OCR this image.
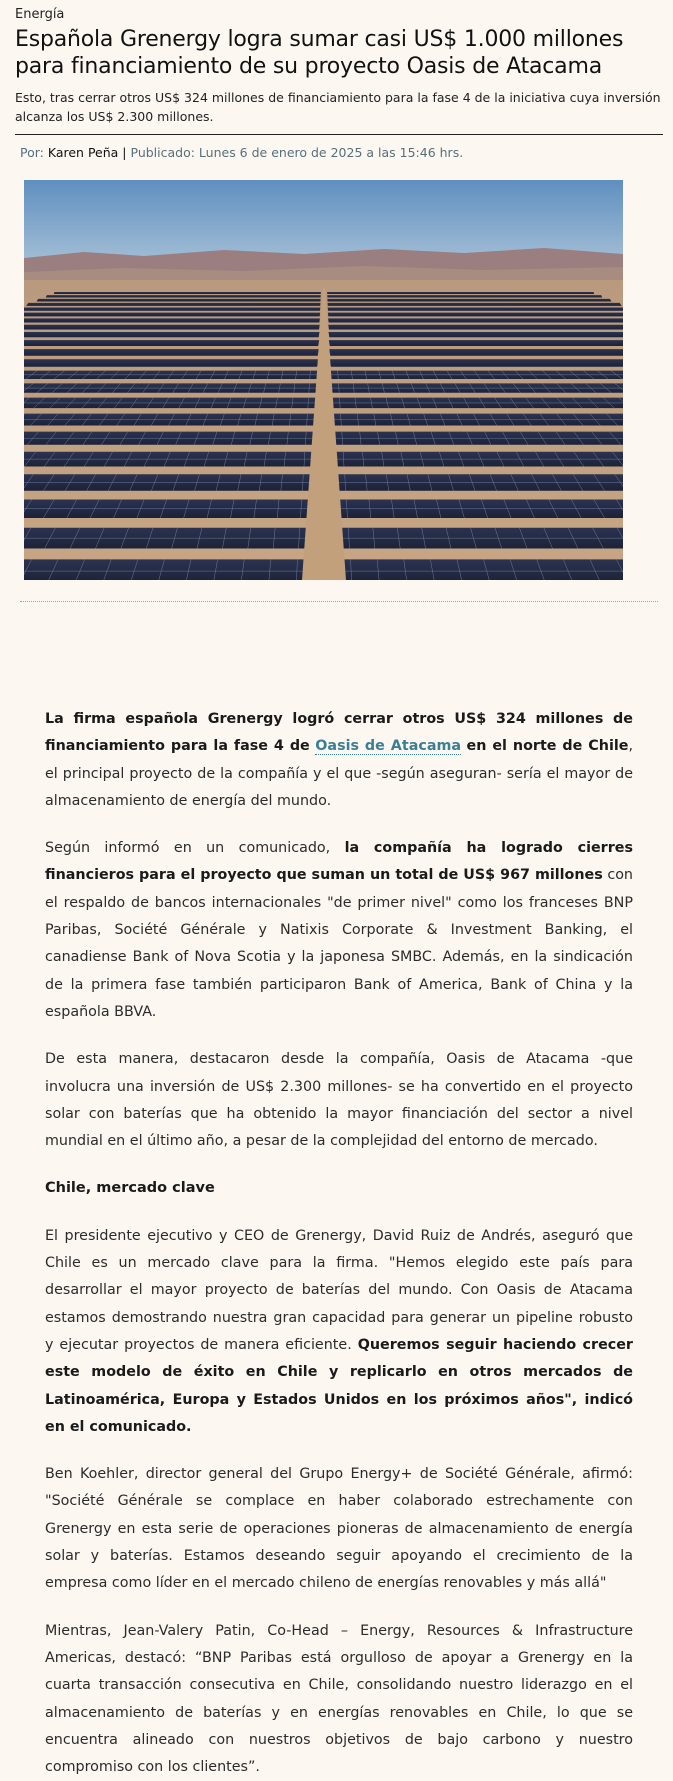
Energía
Española Grenergy logra sumar casi US$ 1.000 millones para financiamiento de su proyecto Oasis de Atacama
Esto, tras cerrar otros US$ 324 millones de financiamiento para la fase 4 de la iniciativa cuya inversión alcanza los US$ 2.300 millones.
Por: Karen Peña | Publicado: Lunes 6 de enero de 2025 a las 15:46 hrs.

La firma española Grenergy logró cerrar otros US$ 324 millones de financiamiento para la fase 4 de Oasis de Atacama en el norte de Chile, el principal proyecto de la compañía y el que -según aseguran- sería el mayor de almacenamiento de energía del mundo.

Según informó en un comunicado, la compañía ha logrado cierres financieros para el proyecto que suman un total de US$ 967 millones con el respaldo de bancos internacionales "de primer nivel" como los franceses BNP Paribas, Société Générale y Natixis Corporate & Investment Banking, el canadiense Bank of Nova Scotia y la japonesa SMBC. Además, en la sindicación de la primera fase también participaron Bank of America, Bank of China y la española BBVA.

De esta manera, destacaron desde la compañía, Oasis de Atacama -que involucra una inversión de US$ 2.300 millones- se ha convertido en el proyecto solar con baterías que ha obtenido la mayor financiación del sector a nivel mundial en el último año, a pesar de la complejidad del entorno de mercado.

Chile, mercado clave

El presidente ejecutivo y CEO de Grenergy, David Ruiz de Andrés, aseguró que Chile es un mercado clave para la firma. "Hemos elegido este país para desarrollar el mayor proyecto de baterías del mundo. Con Oasis de Atacama estamos demostrando nuestra gran capacidad para generar un pipeline robusto y ejecutar proyectos de manera eficiente. Queremos seguir haciendo crecer este modelo de éxito en Chile y replicarlo en otros mercados de Latinoamérica, Europa y Estados Unidos en los próximos años", indicó en el comunicado.

Ben Koehler, director general del Grupo Energy+ de Société Générale, afirmó: "Société Générale se complace en haber colaborado estrechamente con Grenergy en esta serie de operaciones pioneras de almacenamiento de energía solar y baterías. Estamos deseando seguir apoyando el crecimiento de la empresa como líder en el mercado chileno de energías renovables y más allá"

Mientras, Jean-Valery Patin, Co-Head – Energy, Resources & Infrastructure Americas, destacó: “BNP Paribas está orgulloso de apoyar a Grenergy en la cuarta transacción consecutiva en Chile, consolidando nuestro liderazgo en el almacenamiento de baterías y en energías renovables en Chile, lo que se encuentra alineado con nuestros objetivos de bajo carbono y nuestro compromiso con los clientes”.
